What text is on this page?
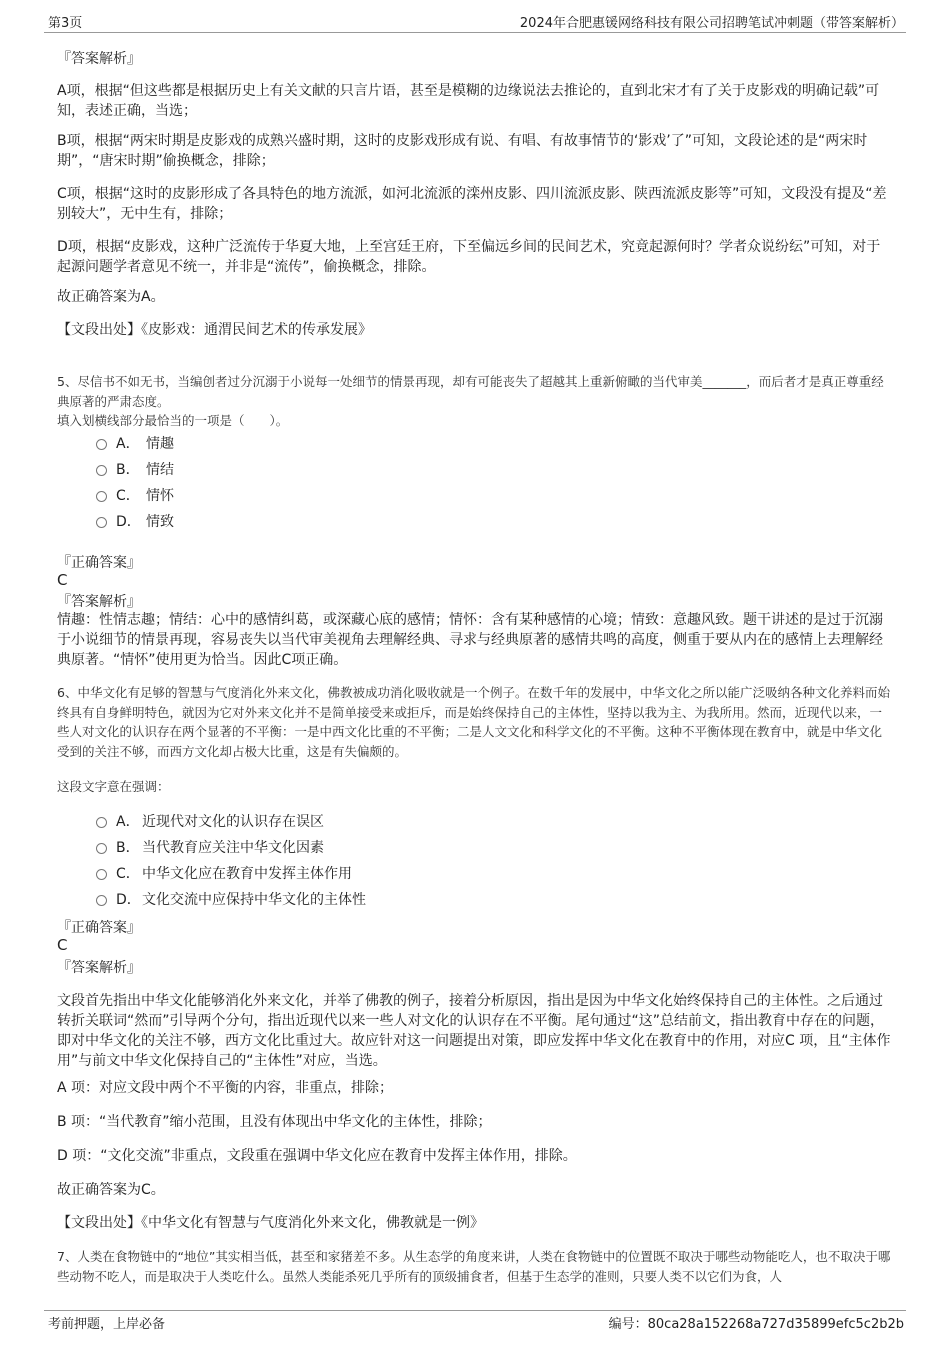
第3页	2024年合肥惠锾网络科技有限公司招聘笔试冲刺题（带答案解析）
『答案解析』
A项，根据“但这些都是根据历史上有关文献的只言片语，甚至是模糊的边缘说法去推论的，直到北宋才有了关于皮影戏的明确记载”可知，表述正确，当选；
B项，根据“两宋时期是皮影戏的成熟兴盛时期，这时的皮影戏形成有说、有唱、有故事情节的‘影戏’了”可知，文段论述的是“两宋时期”，“唐宋时期”偷换概念，排除；
C项，根据“这时的皮影形成了各具特色的地方流派，如河北流派的滦州皮影、四川流派皮影、陕西流派皮影等”可知，文段没有提及“差别较大”，无中生有，排除；
D项，根据“皮影戏，这种广泛流传于华夏大地，上至宫廷王府，下至偏远乡间的民间艺术，究竟起源何时？学者众说纷纭”可知，对于起源问题学者意见不统一，并非是“流传”，偷换概念，排除。
故正确答案为A。
【文段出处】《皮影戏：通渭民间艺术的传承发展》
5、尽信书不如无书，当编创者过分沉溺于小说每一处细节的情景再现，却有可能丧失了超越其上重新俯瞰的当代审美_______，而后者才是真正尊重经典原著的严肃态度。
填入划横线部分最恰当的一项是（　　）。
A． 情趣
B． 情结
C． 情怀
D． 情致
『正确答案』
C
『答案解析』
情趣：性情志趣；情结：心中的感情纠葛，或深藏心底的感情；情怀：含有某种感情的心境；情致：意趣风致。题干讲述的是过于沉溺于小说细节的情景再现，容易丧失以当代审美视角去理解经典、寻求与经典原著的感情共鸣的高度，侧重于要从内在的感情上去理解经典原著。“情怀”使用更为恰当。因此C项正确。
6、中华文化有足够的智慧与气度消化外来文化，佛教被成功消化吸收就是一个例子。在数千年的发展中，中华文化之所以能广泛吸纳各种文化养料而始终具有自身鲜明特色，就因为它对外来文化并不是简单接受来或拒斥，而是始终保持自己的主体性，坚持以我为主、为我所用。然而，近现代以来，一些人对文化的认识存在两个显著的不平衡：一是中西文化比重的不平衡；二是人文文化和科学文化的不平衡。这种不平衡体现在教育中，就是中华文化受到的关注不够，而西方文化却占极大比重，这是有失偏颇的。
这段文字意在强调：
A． 近现代对文化的认识存在误区
B． 当代教育应关注中华文化因素
C． 中华文化应在教育中发挥主体作用
D．文化交流中应保持中华文化的主体性
『正确答案』
C
『答案解析』
文段首先指出中华文化能够消化外来文化，并举了佛教的例子，接着分析原因，指出是因为中华文化始终保持自己的主体性。之后通过转折关联词“然而”引导两个分句，指出近现代以来一些人对文化的认识存在不平衡。尾句通过“这”总结前文，指出教育中存在的问题，即对中华文化的关注不够，西方文化比重过大。故应针对这一问题提出对策，即应发挥中华文化在教育中的作用，对应C 项，且“主体作用”与前文中华文化保持自己的“主体性”对应，当选。
A 项：对应文段中两个不平衡的内容，非重点，排除；
B 项：“当代教育”缩小范围，且没有体现出中华文化的主体性，排除；
D 项：“文化交流”非重点，文段重在强调中华文化应在教育中发挥主体作用，排除。
故正确答案为C。
【文段出处】《中华文化有智慧与气度消化外来文化，佛教就是一例》
7、人类在食物链中的“地位”其实相当低，甚至和家猪差不多。从生态学的角度来讲，人类在食物链中的位置既不取决于哪些动物能吃人，也不取决于哪些动物不吃人，而是取决于人类吃什么。虽然人类能杀死几乎所有的顶级捕食者，但基于生态学的准则，只要人类不以它们为食，人
考前押题，上岸必备	编号：80ca28a152268a727d35899efc5c2b2b
